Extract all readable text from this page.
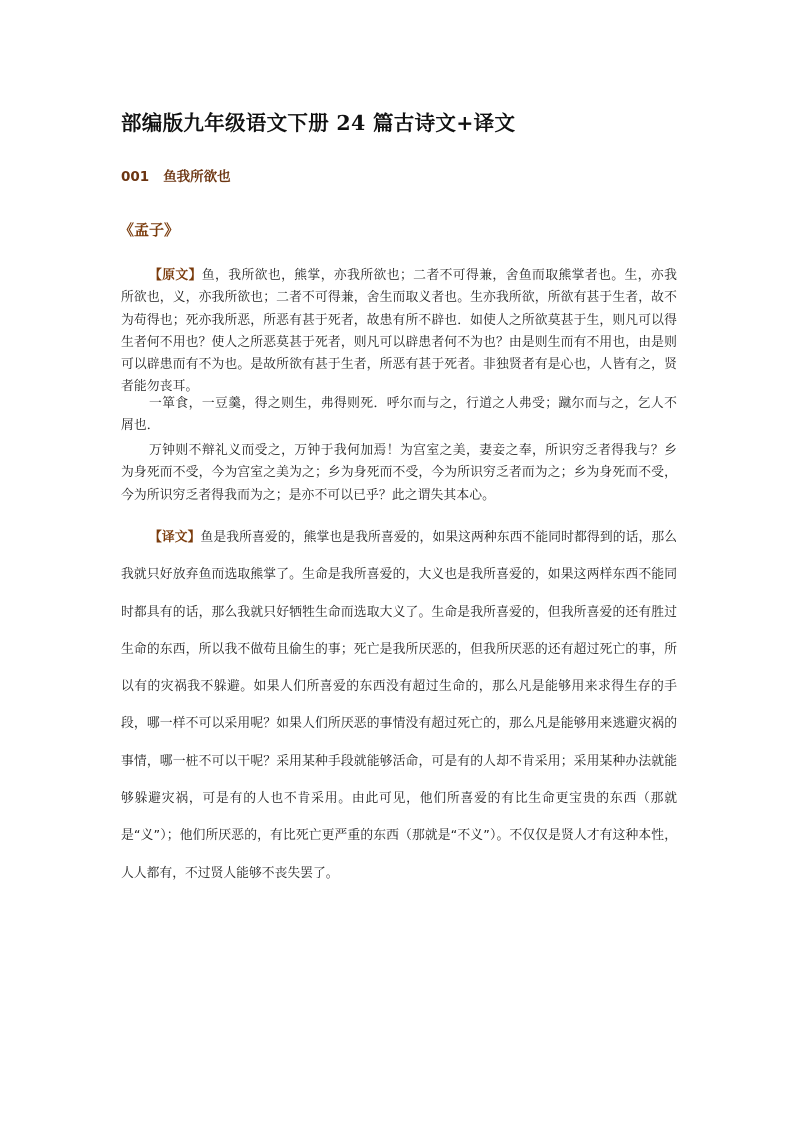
部编版九年级语文下册 24 篇古诗文+译文
001 鱼我所欲也
《孟子》

【原文】鱼，我所欲也，熊掌，亦我所欲也；二者不可得兼，舍鱼而取熊掌者也。生，亦我所欲也，义，亦我所欲也；二者不可得兼，舍生而取义者也。生亦我所欲，所欲有甚于生者，故不为苟得也；死亦我所恶，所恶有甚于死者，故患有所不辟也．如使人之所欲莫甚于生，则凡可以得生者何不用也？使人之所恶莫甚于死者，则凡可以辟患者何不为也？由是则生而有不用也，由是则可以辟患而有不为也。是故所欲有甚于生者，所恶有甚于死者。非独贤者有是心也，人皆有之，贤者能勿丧耳。

一箪食，一豆羹，得之则生，弗得则死．呼尔而与之，行道之人弗受；蹴尔而与之，乞人不屑也．

万钟则不辩礼义而受之，万钟于我何加焉！为宫室之美，妻妾之奉，所识穷乏者得我与？乡为身死而不受，今为宫室之美为之；乡为身死而不受，今为所识穷乏者而为之；乡为身死而不受，今为所识穷乏者得我而为之；是亦不可以已乎？此之谓失其本心。

【译文】鱼是我所喜爱的，熊掌也是我所喜爱的，如果这两种东西不能同时都得到的话，那么我就只好放弃鱼而选取熊掌了。生命是我所喜爱的，大义也是我所喜爱的，如果这两样东西不能同时都具有的话，那么我就只好牺牲生命而选取大义了。生命是我所喜爱的，但我所喜爱的还有胜过生命的东西，所以我不做苟且偷生的事；死亡是我所厌恶的，但我所厌恶的还有超过死亡的事，所以有的灾祸我不躲避。如果人们所喜爱的东西没有超过生命的，那么凡是能够用来求得生存的手段，哪一样不可以采用呢？如果人们所厌恶的事情没有超过死亡的，那么凡是能够用来逃避灾祸的事情，哪一桩不可以干呢？采用某种手段就能够活命，可是有的人却不肯采用；采用某种办法就能够躲避灾祸，可是有的人也不肯采用。由此可见，他们所喜爱的有比生命更宝贵的东西（那就是“义”）；他们所厌恶的，有比死亡更严重的东西（那就是“不义”）。不仅仅是贤人才有这种本性，人人都有，不过贤人能够不丧失罢了。
